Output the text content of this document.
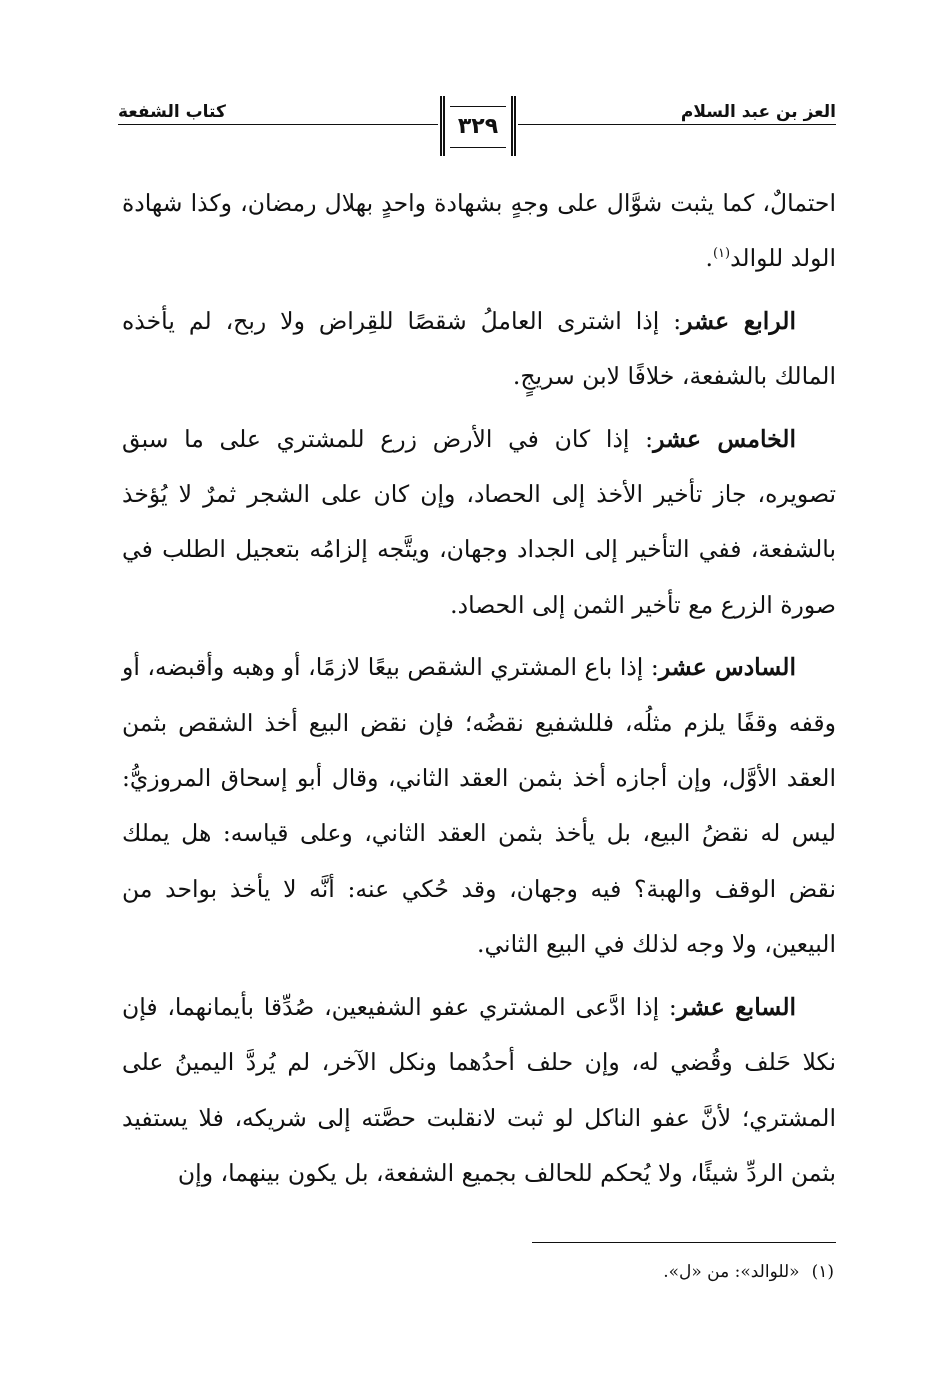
العز بن عبد السلام
٣٢٩
كتاب الشفعة

احتمالٌ، كما يثبت شوَّال على وجهٍ بشهادة واحدٍ بهلال رمضان، وكذا شهادة الولد للوالد$^{(١)}$.

الرابع عشر: إذا اشترى العاملُ شقصًا للقِراض ولا ربح، لم يأخذه المالك بالشفعة، خلافًا لابن سريجٍ.

الخامس عشر: إذا كان في الأرض زرع للمشتري على ما سبق تصويره، جاز تأخير الأخذ إلى الحصاد، وإن كان على الشجر ثمرٌ لا يُؤخذ بالشفعة، ففي التأخير إلى الجداد وجهان، ويتَّجه إلزامُه بتعجيل الطلب في صورة الزرع مع تأخير الثمن إلى الحصاد.

السادس عشر: إذا باع المشتري الشقص بيعًا لازمًا، أو وهبه وأقبضه، أو وقفه وقفًا يلزم مثلُه، فللشفيع نقضُه؛ فإن نقض البيع أخذ الشقص بثمن العقد الأوَّل، وإن أجازه أخذ بثمن العقد الثاني، وقال أبو إسحاق المروزيُّ: ليس له نقضُ البيع، بل يأخذ بثمن العقد الثاني، وعلى قياسه: هل يملك نقض الوقف والهبة؟ فيه وجهان، وقد حُكي عنه: أنَّه لا يأخذ بواحد من البيعين، ولا وجه لذلك في البيع الثاني.

السابع عشر: إذا ادَّعى المشتري عفو الشفيعين، صُدِّقا بأيمانهما، فإن نكلا حَلف وقُضي له، وإن حلف أحدُهما ونكل الآخر، لم يُردَّ اليمينُ على المشتري؛ لأنَّ عفو الناكل لو ثبت لانقلبت حصَّته إلى شريكه، فلا يستفيد بثمن الردِّ شيئًا، ولا يُحكم للحالف بجميع الشفعة، بل يكون بينهما، وإن

(١)«للوالد»: من «ل».
